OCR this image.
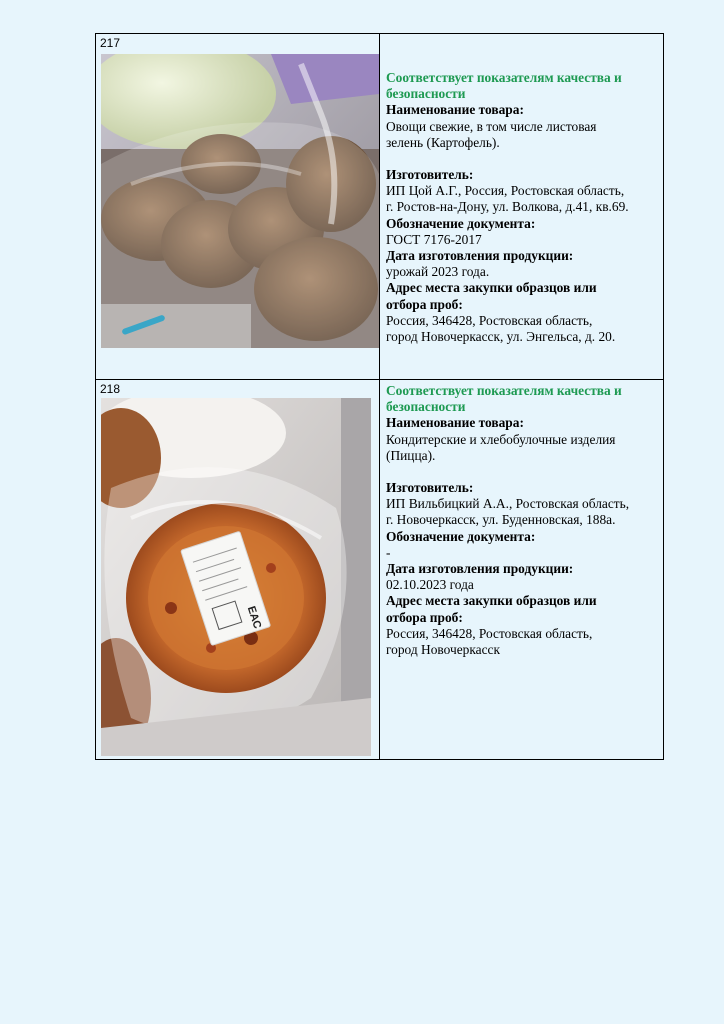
217
Соответствует показателям качества и
безопасности
Наименование товара:
Овощи свежие, в том числе листовая
зелень (Картофель).
Изготовитель:
ИП Цой А.Г., Россия, Ростовская область,
г. Ростов-на-Дону, ул. Волкова, д.41, кв.69.
Обозначение документа:
ГОСТ 7176-2017
Дата изготовления продукции:
урожай 2023 года.
Адрес места закупки образцов или
отбора проб:
Россия, 346428, Ростовская область,
город Новочеркасск, ул. Энгельса, д. 20.
218
ЕАС
Соответствует показателям качества и
безопасности
Наименование товара:
Кондитерские и хлебобулочные изделия
(Пицца).
Изготовитель:
ИП Вильбицкий А.А., Ростовская область,
г. Новочеркасск, ул. Буденновская, 188а.
Обозначение документа:
-
Дата изготовления продукции:
02.10.2023 года
Адрес места закупки образцов или
отбора проб:
Россия, 346428, Ростовская область,
город Новочеркасск
